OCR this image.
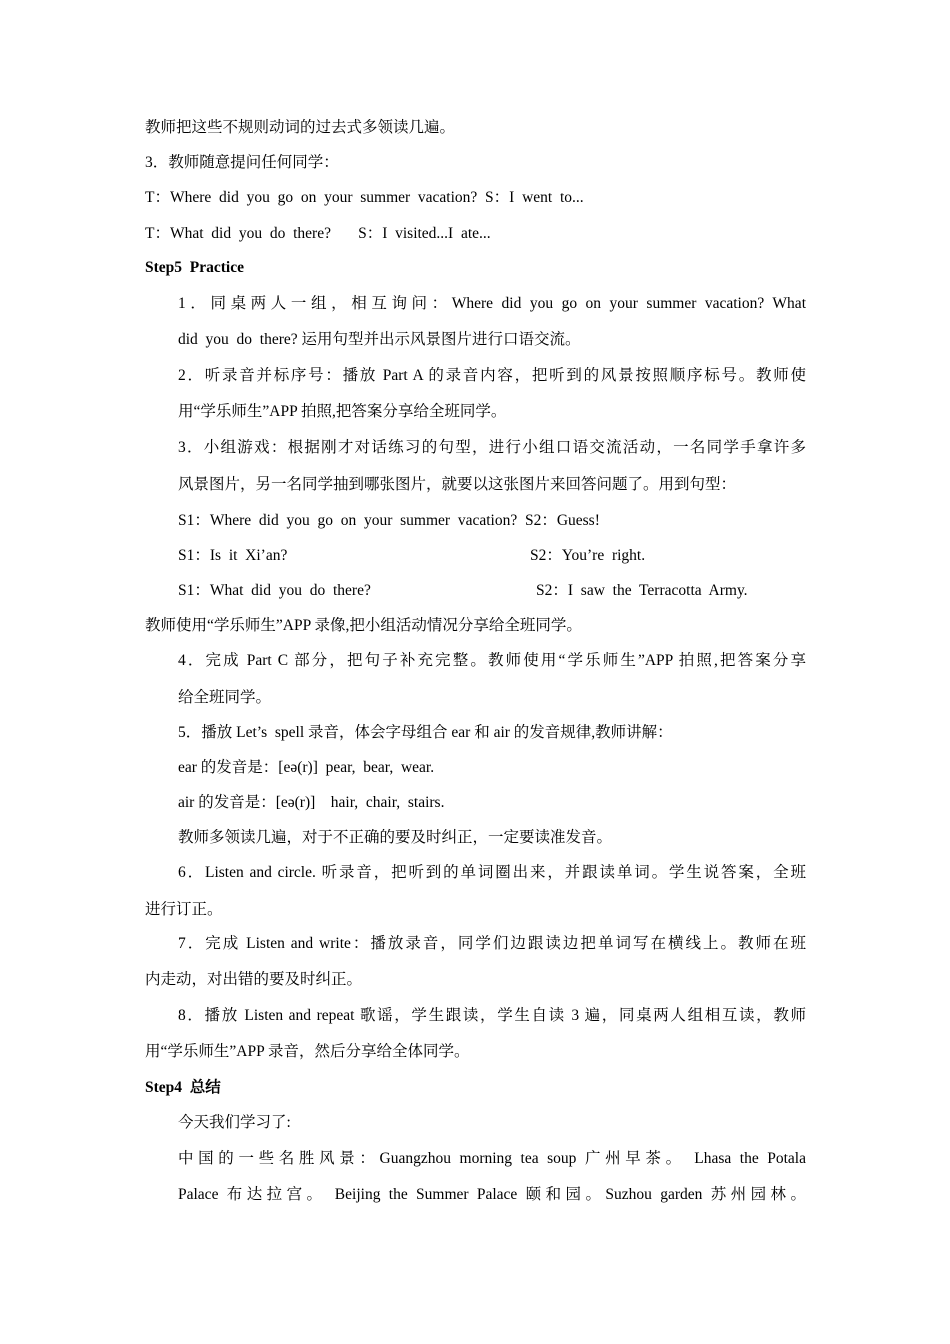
教师把这些不规则动词的过去式多领读几遍。
3．教师随意提问任何同学：
T：Where  did  you  go  on  your  summer  vacation?  S：I  went  to...
T：What  did  you  do  there?       S：I  visited...I  ate...
Step5  Practice
1．同桌两人一组，相互询问：Where did you go on your summer vacation? What
did  you  do  there? 运用句型并出示风景图片进行口语交流。
2．听录音并标序号：播放 Part A 的录音内容，把听到的风景按照顺序标号。教师使
用“学乐师生”APP 拍照,把答案分享给全班同学。
3．小组游戏：根据刚才对话练习的句型，进行小组口语交流活动，一名同学手拿许多
风景图片，另一名同学抽到哪张图片，就要以这张图片来回答问题了。用到句型：
S1：Where  did  you  go  on  your  summer  vacation?  S2：Guess!
S1：Is  it  Xi’an?	S2：You’re  right.
S1：What  did  you  do  there?	S2：I  saw  the  Terracotta  Army.
教师使用“学乐师生”APP 录像,把小组活动情况分享给全班同学。
4．完成 Part C 部分，把句子补充完整。教师使用“学乐师生”APP 拍照,把答案分享
给全班同学。
5．播放 Let’s  spell 录音，体会字母组合 ear 和 air 的发音规律,教师讲解：
ear 的发音是：[eə(r)]  pear,  bear,  wear.
air 的发音是：[eə(r)]    hair,  chair,  stairs.
教师多领读几遍，对于不正确的要及时纠正，一定要读准发音。
6．Listen and circle. 听录音，把听到的单词圈出来，并跟读单词。学生说答案，全班
进行订正。
7．完成 Listen and write：播放录音，同学们边跟读边把单词写在横线上。教师在班
内走动，对出错的要及时纠正。
8．播放 Listen and repeat 歌谣，学生跟读，学生自读 3 遍，同桌两人组相互读，教师
用“学乐师生”APP 录音，然后分享给全体同学。
Step4  总结
今天我们学习了:
中国的一些名胜风景：Guangzhou morning tea soup 广州早茶。 Lhasa the Potala
Palace 布达拉宫。 Beijing the Summer Palace 颐和园。Suzhou garden 苏州园林。
